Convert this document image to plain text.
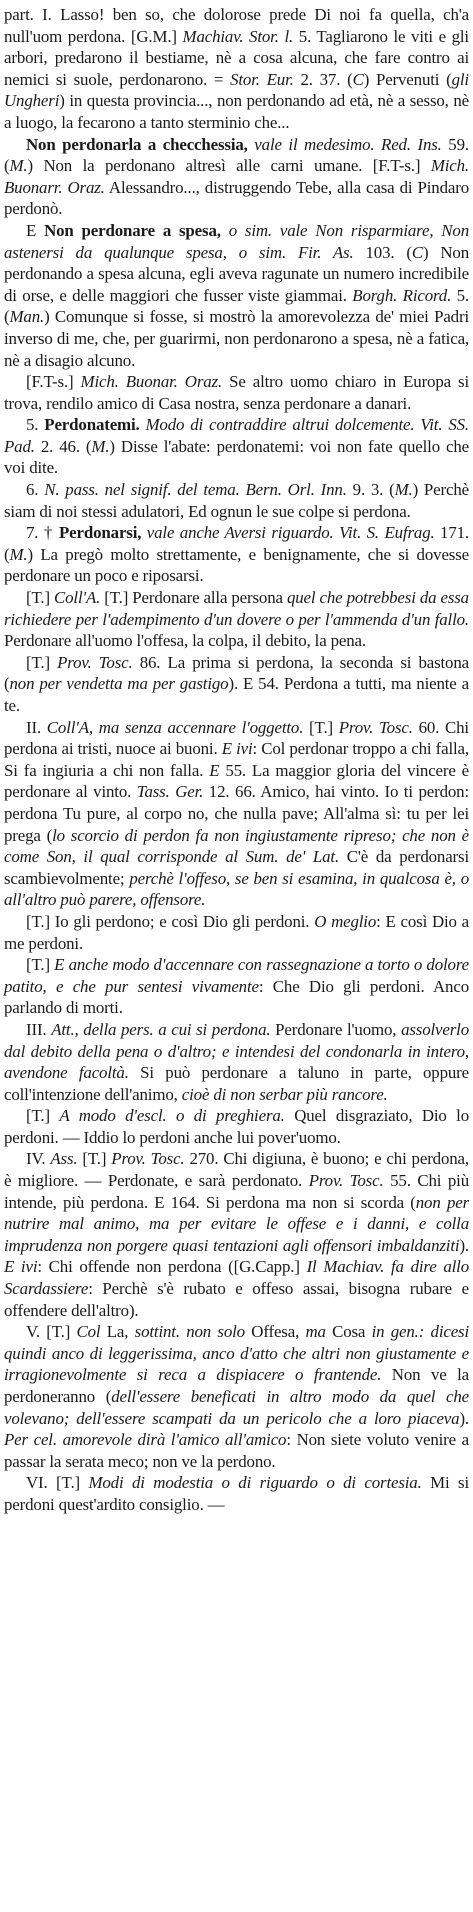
part. I. Lasso! ben so, che dolorose prede Di noi fa quella, ch'a null'uom perdona. [G.M.] Machiav. Stor. l. 5. Tagliarono le viti e gli arbori, predarono il bestiame, nè a cosa alcuna, che fare contro ai nemici si suole, perdonarono. = Stor. Eur. 2. 37. (C) Pervenuti (gli Ungheri) in questa provincia..., non perdonando ad età, nè a sesso, nè a luogo, la fecarono a tanto sterminio che...

Non perdonarla a checchessia, vale il medesimo. Red. Ins. 59. (M.) Non la perdonano altresì alle carni umane. [F.T-s.] Mich. Buonarr. Oraz. Alessandro..., distruggendo Tebe, alla casa di Pindaro perdonò.

E Non perdonare a spesa, o sim. vale Non risparmiare, Non astenersi da qualunque spesa, o sim. Fir. As. 103. (C) Non perdonando a spesa alcuna, egli aveva ragunate un numero incredibile di orse, e delle maggiori che fusser viste giammai. Borgh. Ricord. 5. (Man.) Comunque si fosse, si mostrò la amorevolezza de' miei Padri inverso di me, che, per guarirmi, non perdonarono a spesa, nè a fatica, nè a disagio alcuno.

[F.T-s.] Mich. Buonar. Oraz. Se altro uomo chiaro in Europa si trova, rendilo amico di Casa nostra, senza perdonare a danari.

5. Perdonatemi. Modo di contraddire altrui dolcemente. Vit. SS. Pad. 2. 46. (M.) Disse l'abate: perdonatemi: voi non fate quello che voi dite.

6. N. pass. nel signif. del tema. Bern. Orl. Inn. 9. 3. (M.) Perchè siam di noi stessi adulatori, Ed ognun le sue colpe si perdona.

7. † Perdonarsi, vale anche Aversi riguardo. Vit. S. Eufrag. 171. (M.) La pregò molto strettamente, e benignamente, che si dovesse perdonare un poco e riposarsi.

[T.] Coll'A. [T.] Perdonare alla persona quel che potrebbesi da essa richiedere per l'adempimento d'un dovere o per l'ammenda d'un fallo. Perdonare all'uomo l'offesa, la colpa, il debito, la pena.

[T.] Prov. Tosc. 86. La prima si perdona, la seconda si bastona (non per vendetta ma per gastigo). E 54. Perdona a tutti, ma niente a te.

II. Coll'A, ma senza accennare l'oggetto. [T.] Prov. Tosc. 60. Chi perdona ai tristi, nuoce ai buoni. E ivi: Col perdonar troppo a chi falla, Si fa ingiuria a chi non falla. E 55. La maggior gloria del vincere è perdonare al vinto. Tass. Ger. 12. 66. Amico, hai vinto. Io ti perdon: perdona Tu pure, al corpo no, che nulla pave; All'alma sì: tu per lei prega (lo scorcio di perdon fa non ingiustamente ripreso; che non è come Son, il qual corrisponde al Sum. de' Lat. C'è da perdonarsi scambievolmente; perchè l'offeso, se ben si esamina, in qualcosa è, o all'altro può parere, offensore.

[T.] Io gli perdono; e così Dio gli perdoni. O meglio: E così Dio a me perdoni.

[T.] E anche modo d'accennare con rassegnazione a torto o dolore patito, e che pur sentesi vivamente: Che Dio gli perdoni. Anco parlando di morti.

III. Att., della pers. a cui si perdona. Perdonare l'uomo, assolverlo dal debito della pena o d'altro; e intendesi del condonarla in intero, avendone facoltà. Si può perdonare a taluno in parte, oppure coll'intenzione dell'animo, cioè di non serbar più rancore.

[T.] A modo d'escl. o di preghiera. Quel disgraziato, Dio lo perdoni. — Iddio lo perdoni anche lui pover'uomo.

IV. Ass. [T.] Prov. Tosc. 270. Chi digiuna, è buono; e chi perdona, è migliore. — Perdonate, e sarà perdonato. Prov. Tosc. 55. Chi più intende, più perdona. E 164. Si perdona ma non si scorda (non per nutrire mal animo, ma per evitare le offese e i danni, e colla imprudenza non porgere quasi tentazioni agli offensori imbaldanziti). E ivi: Chi offende non perdona ([G.Capp.] Il Machiav. fa dire allo Scardassiere: Perchè s'è rubato e offeso assai, bisogna rubare e offendere dell'altro).

V. [T.] Col La, sottint. non solo Offesa, ma Cosa in gen.: dicesi quindi anco di leggerissima, anco d'atto che altri non giustamente e irragionevolmente si reca a dispiacere o frantende. Non ve la perdoneranno (dell'essere beneficati in altro modo da quel che volevano; dell'essere scampati da un pericolo che a loro piaceva). Per cel. amorevole dirà l'amico all'amico: Non siete voluto venire a passar la serata meco; non ve la perdono.

VI. [T.] Modi di modestia o di riguardo o di cortesia. Mi si perdoni quest'ardito consiglio. —
